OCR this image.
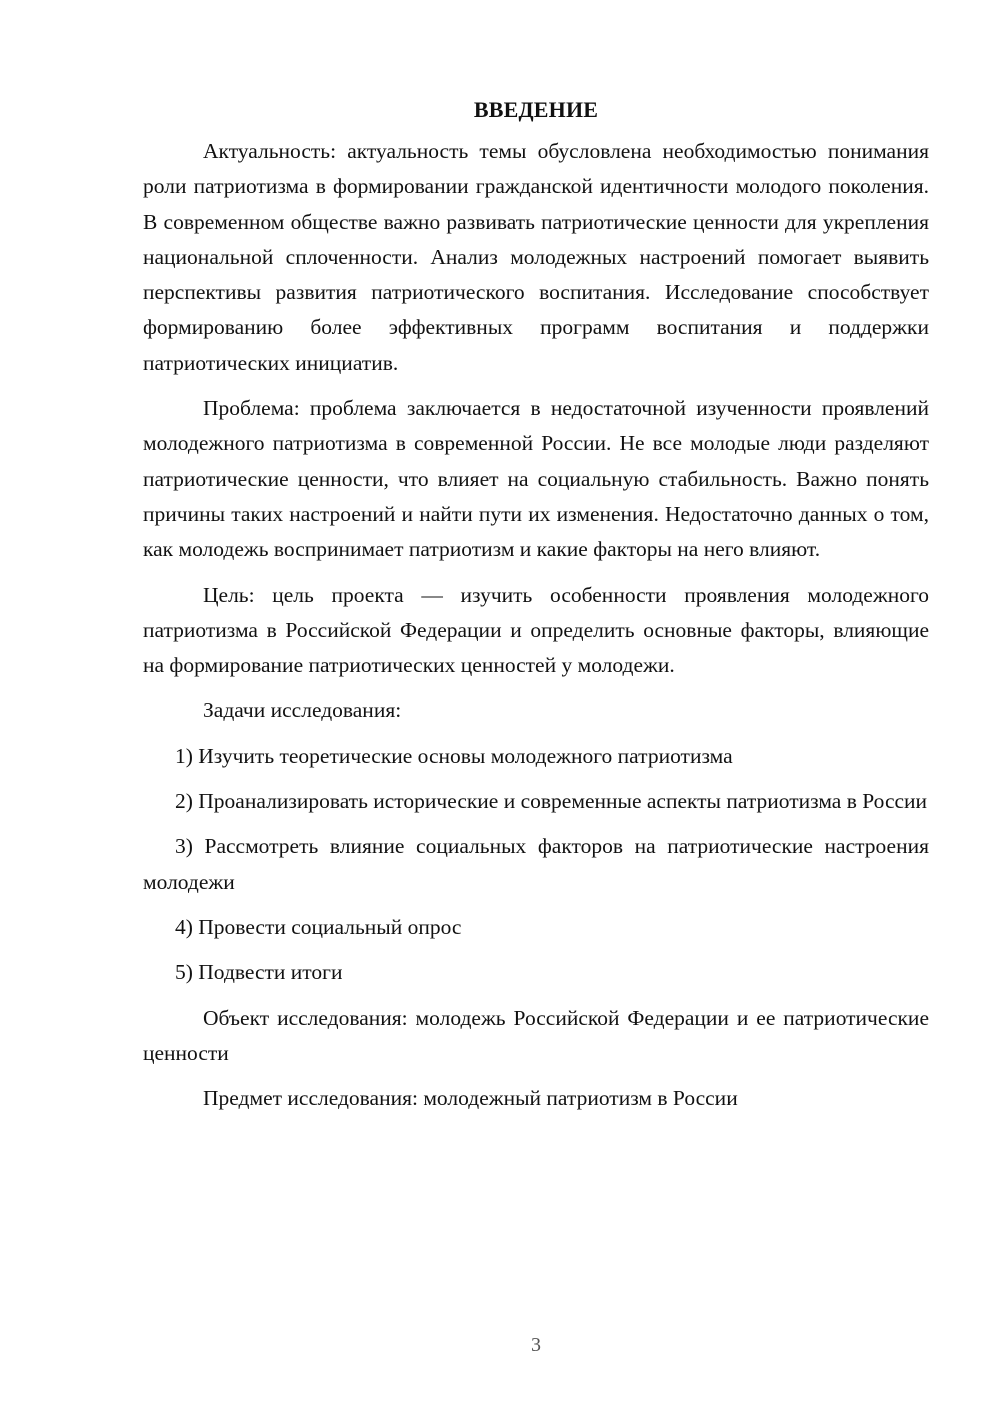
ВВЕДЕНИЕ

Актуальность: актуальность темы обусловлена необходимостью понимания роли патриотизма в формировании гражданской идентичности молодого поколения. В современном обществе важно развивать патриотические ценности для укрепления национальной сплоченности. Анализ молодежных настроений помогает выявить перспективы развития патриотического воспитания. Исследование способствует формированию более эффективных программ воспитания и поддержки патриотических инициатив.

Проблема: проблема заключается в недостаточной изученности проявлений молодежного патриотизма в современной России. Не все молодые люди разделяют патриотические ценности, что влияет на социальную стабильность. Важно понять причины таких настроений и найти пути их изменения. Недостаточно данных о том, как молодежь воспринимает патриотизм и какие факторы на него влияют.

Цель: цель проекта — изучить особенности проявления молодежного патриотизма в Российской Федерации и определить основные факторы, влияющие на формирование патриотических ценностей у молодежи.

Задачи исследования:

1) Изучить теоретические основы молодежного патриотизма

2) Проанализировать исторические и современные аспекты патриотизма в России

3) Рассмотреть влияние социальных факторов на патриотические настроения молодежи

4) Провести социальный опрос

5) Подвести итоги

Объект исследования: молодежь Российской Федерации и ее патриотические ценности

Предмет исследования: молодежный патриотизм в России

3
